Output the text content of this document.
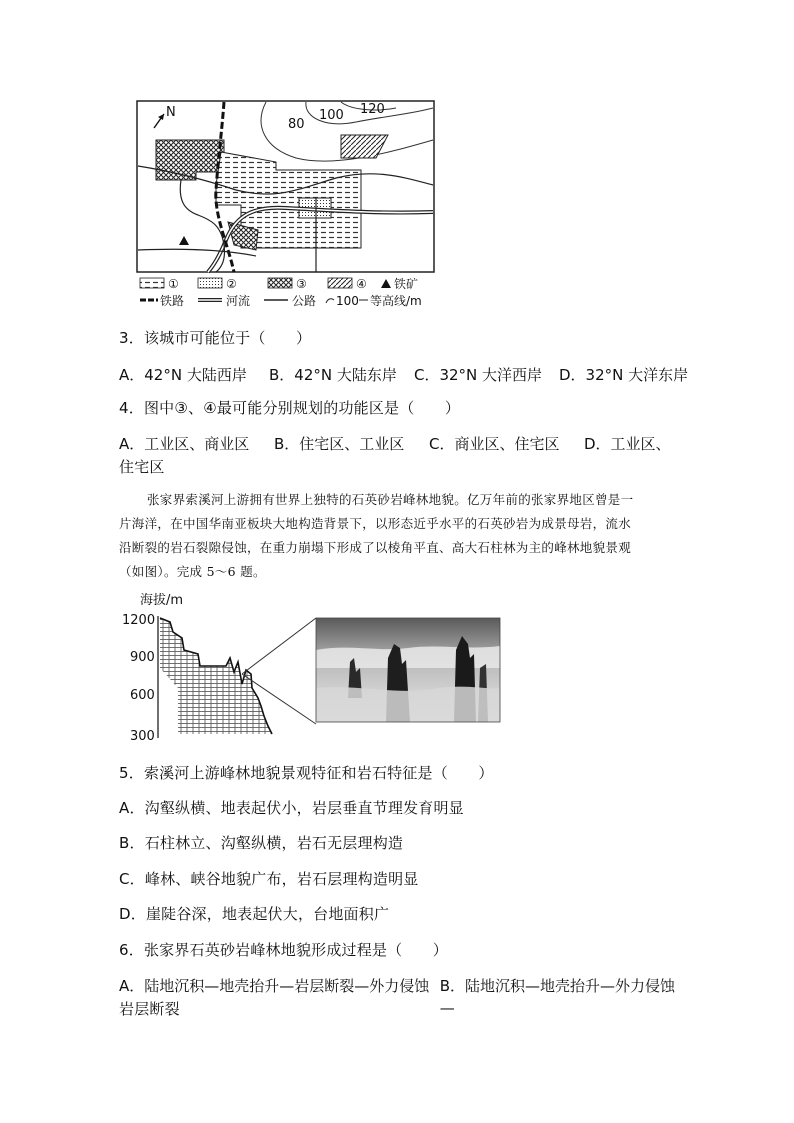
80
100 120
N
①	②	③	④ 铁矿
铁路	河流	公路 100 等高线/m
3．该城市可能位于（　　）
A．42°N 大陆西岸	B．42°N 大陆东岸	C．32°N 大洋西岸	D．32°N 大洋东岸
4．图中③、④最可能分别规划的功能区是（　　）
A．工业区、商业区	B．住宅区、工业区	C．商业区、住宅区	D．工业区、
住宅区
张家界索溪河上游拥有世界上独特的石英砂岩峰林地貌。亿万年前的张家界地区曾是一
片海洋，在中国华南亚板块大地构造背景下，以形态近乎水平的石英砂岩为成景母岩，流水
沿断裂的岩石裂隙侵蚀，在重力崩塌下形成了以棱角平直、高大石柱林为主的峰林地貌景观
（如图）。完成 5～6 题。
海拔/m
1200
900
600
300
5．索溪河上游峰林地貌景观特征和岩石特征是（　　）
A．沟壑纵横、地表起伏小，岩层垂直节理发育明显
B．石柱林立、沟壑纵横，岩石无层理构造
C．峰林、峡谷地貌广布，岩石层理构造明显
D．崖陡谷深，地表起伏大，台地面积广
6．张家界石英砂岩峰林地貌形成过程是（　　）
A．陆地沉积—地壳抬升—岩层断裂—外力侵蚀 B．陆地沉积—地壳抬升—外力侵蚀—
岩层断裂
